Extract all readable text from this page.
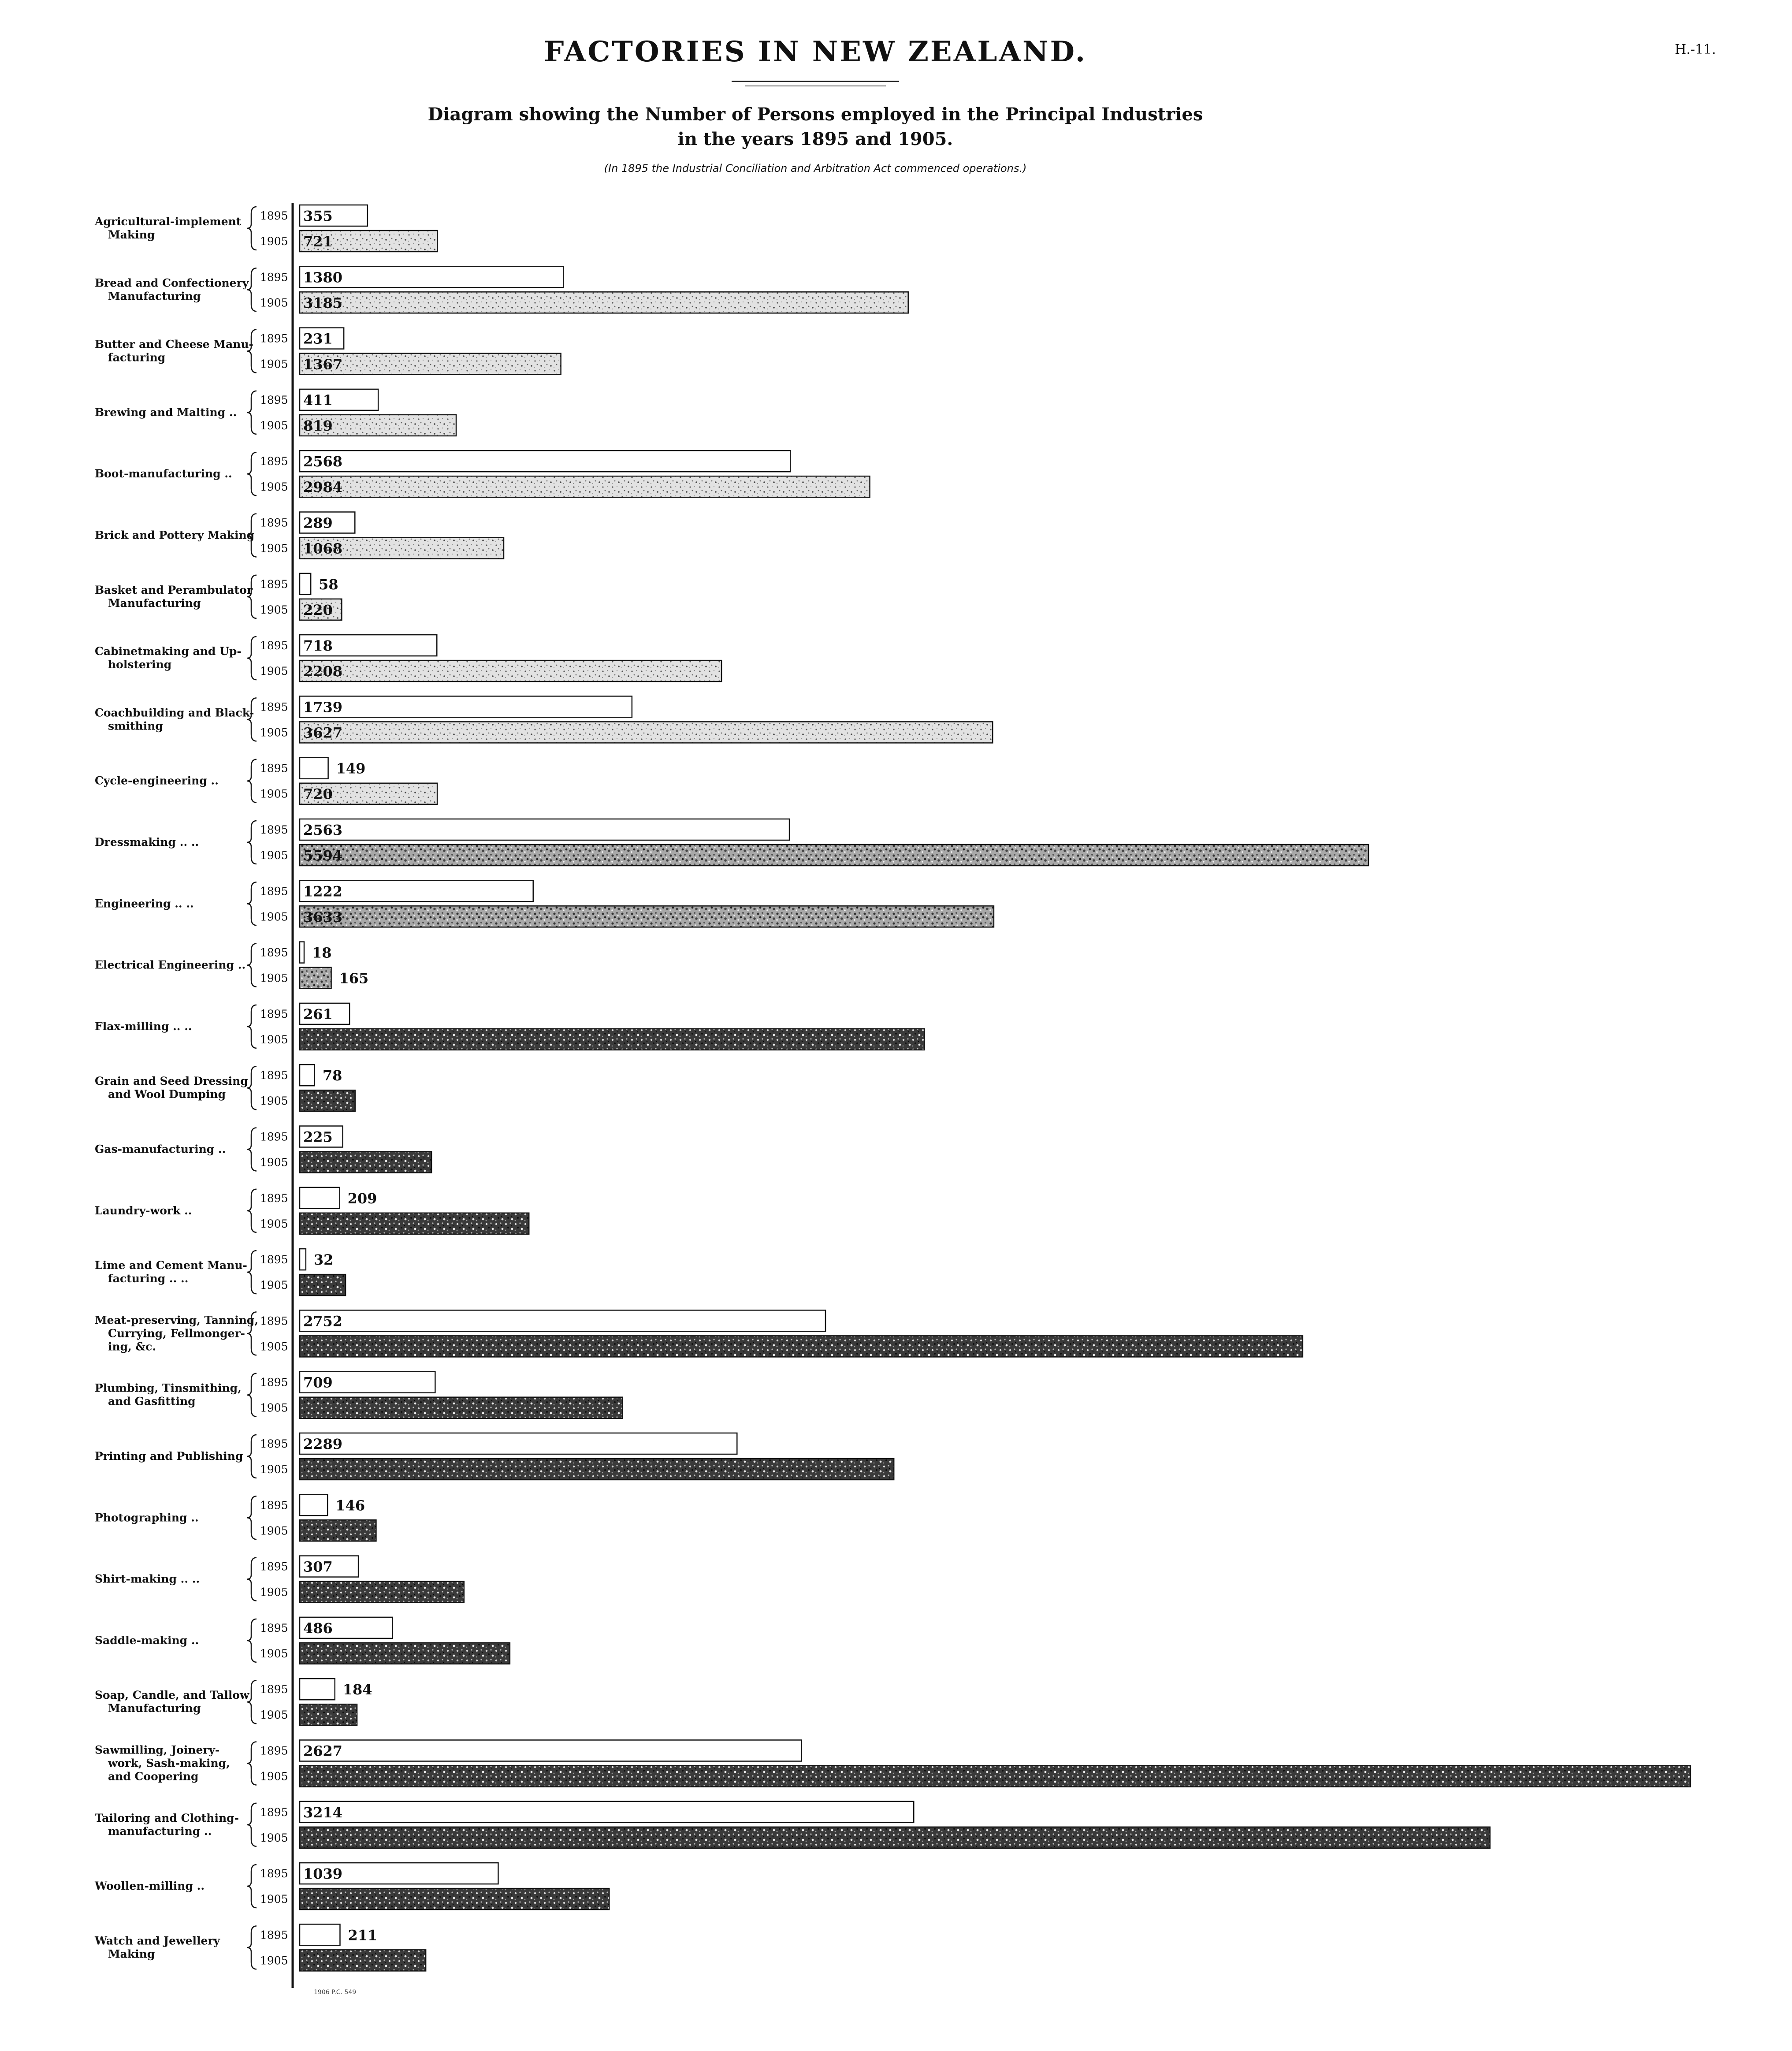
FACTORIES IN NEW ZEALAND.	H.-11.
Diagram showing the Number of Persons employed in the Principal Industries
in the years 1895 and 1905.
(In 1895 the Industrial Conciliation and Arbitration Act commenced operations.)
Agricultural-implement
Making
1895 355
1905 721
Bread and Confectionery
Manufacturing
1895 1380
1905 3185
Butter and Cheese Manu-
facturing
1895 231
1905 1367
Brewing and Malting ..
1895 411
1905 819
Boot-manufacturing ..
1895 2568
1905 2984
Brick and Pottery Making
1895 289
1905 1068
Basket and Perambulator
Manufacturing
1895 58
1905 220
Cabinetmaking and Up-
holstering
1895 718
1905 2208
Coachbuilding and Black-
smithing
1895 1739
1905 3627
Cycle-engineering ..
1895	149
1905 720
Dressmaking .. ..
1895 2563
1905 5594
Engineering .. ..
1895 1222
1905 3633
Electrical Engineering ..
1895 18
1905	165
Flax-milling .. ..
1895 261
1905
Grain and Seed Dressing
and Wool Dumping
1895 78
1905
Gas-manufacturing ..
1895 225
1905
Laundry-work ..
1895	209
1905
Lime and Cement Manu-
facturing .. ..
1895 32
1905
Meat-preserving, Tanning,
Currying, Fellmonger-
ing, &c.
1895 2752
1905
Plumbing, Tinsmithing,
and Gasfitting
1895 709
1905
Printing and Publishing
1895 2289
1905
Photographing ..
1895	146
1905
Shirt-making .. ..
1895 307
1905
Saddle-making ..
1895 486
1905
Soap, Candle, and Tallow
Manufacturing
1895	184
1905
Sawmilling, Joinery-
work, Sash-making,
and Coopering
1895 2627
1905
Tailoring and Clothing-
manufacturing ..
1895 3214
1905
Woollen-milling ..
1895 1039
1905
Watch and Jewellery
Making
1895	211
1905
1906 P.C. 549
